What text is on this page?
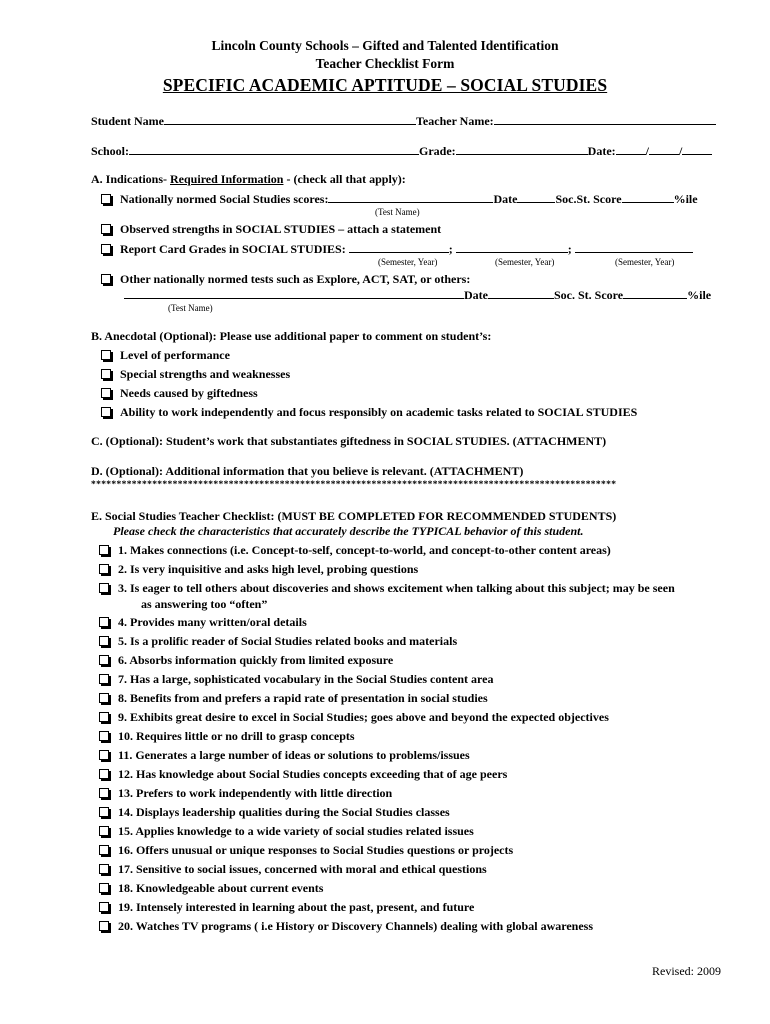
Lincoln County Schools – Gifted and Talented Identification
Teacher Checklist Form
SPECIFIC ACADEMIC APTITUDE – SOCIAL STUDIES
Student Name	Teacher Name:
School:	Grade:	Date:	/	/
A. Indications- Required Information - (check all that apply):
Nationally normed Social Studies scores:	Date	Soc.St. Score	%ile
(Test Name)
Observed strengths in SOCIAL STUDIES – attach a statement
Report Card Grades in SOCIAL STUDIES:	;	;
(Semester, Year)	(Semester, Year)	(Semester, Year)
Other nationally normed tests such as Explore, ACT, SAT, or others:
Date	Soc. St. Score	%ile
(Test Name)
B. Anecdotal (Optional): Please use additional paper to comment on student’s:
Level of performance
Special strengths and weaknesses
Needs caused by giftedness
Ability to work independently and focus responsibly on academic tasks related to SOCIAL STUDIES
C. (Optional): Student’s work that substantiates giftedness in SOCIAL STUDIES. (ATTACHMENT)
D. (Optional): Additional information that you believe is relevant. (ATTACHMENT)
*******************************************************************************************************
E. Social Studies Teacher Checklist: (MUST BE COMPLETED FOR RECOMMENDED STUDENTS)
Please check the characteristics that accurately describe the TYPICAL behavior of this student.
1. Makes connections (i.e. Concept-to-self, concept-to-world, and concept-to-other content areas)
2. Is very inquisitive and asks high level, probing questions
3. Is eager to tell others about discoveries and shows excitement when talking about this subject; may be seen
4. Provides many written/oral details
5. Is a prolific reader of Social Studies related books and materials
6. Absorbs information quickly from limited exposure
7. Has a large, sophisticated vocabulary in the Social Studies content area
8. Benefits from and prefers a rapid rate of presentation in social studies
9. Exhibits great desire to excel in Social Studies; goes above and beyond the expected objectives
10. Requires little or no drill to grasp concepts
11. Generates a large number of ideas or solutions to problems/issues
12. Has knowledge about Social Studies concepts exceeding that of age peers
13. Prefers to work independently with little direction
14. Displays leadership qualities during the Social Studies classes
15. Applies knowledge to a wide variety of social studies related issues
16. Offers unusual or unique responses to Social Studies questions or projects
17. Sensitive to social issues, concerned with moral and ethical questions
18. Knowledgeable about current events
19. Intensely interested in learning about the past, present, and future
20. Watches TV programs ( i.e History or Discovery Channels) dealing with global awareness
as answering too “often”
Revised: 2009
